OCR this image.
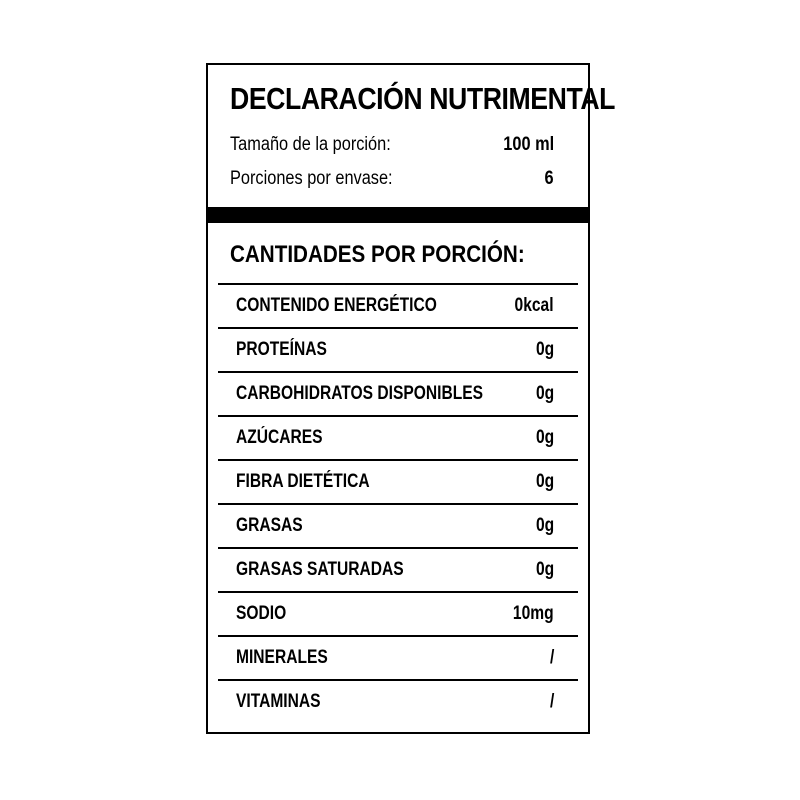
DECLARACIÓN NUTRIMENTAL
Tamaño de la porción:	100 ml
Porciones por envase:	6
CANTIDADES POR PORCIÓN:
CONTENIDO ENERGÉTICO	0kcal
PROTEÍNAS	0g
CARBOHIDRATOS DISPONIBLES	0g
AZÚCARES	0g
FIBRA DIETÉTICA	0g
GRASAS	0g
GRASAS SATURADAS	0g
SODIO	10mg
MINERALES	/
VITAMINAS	/
